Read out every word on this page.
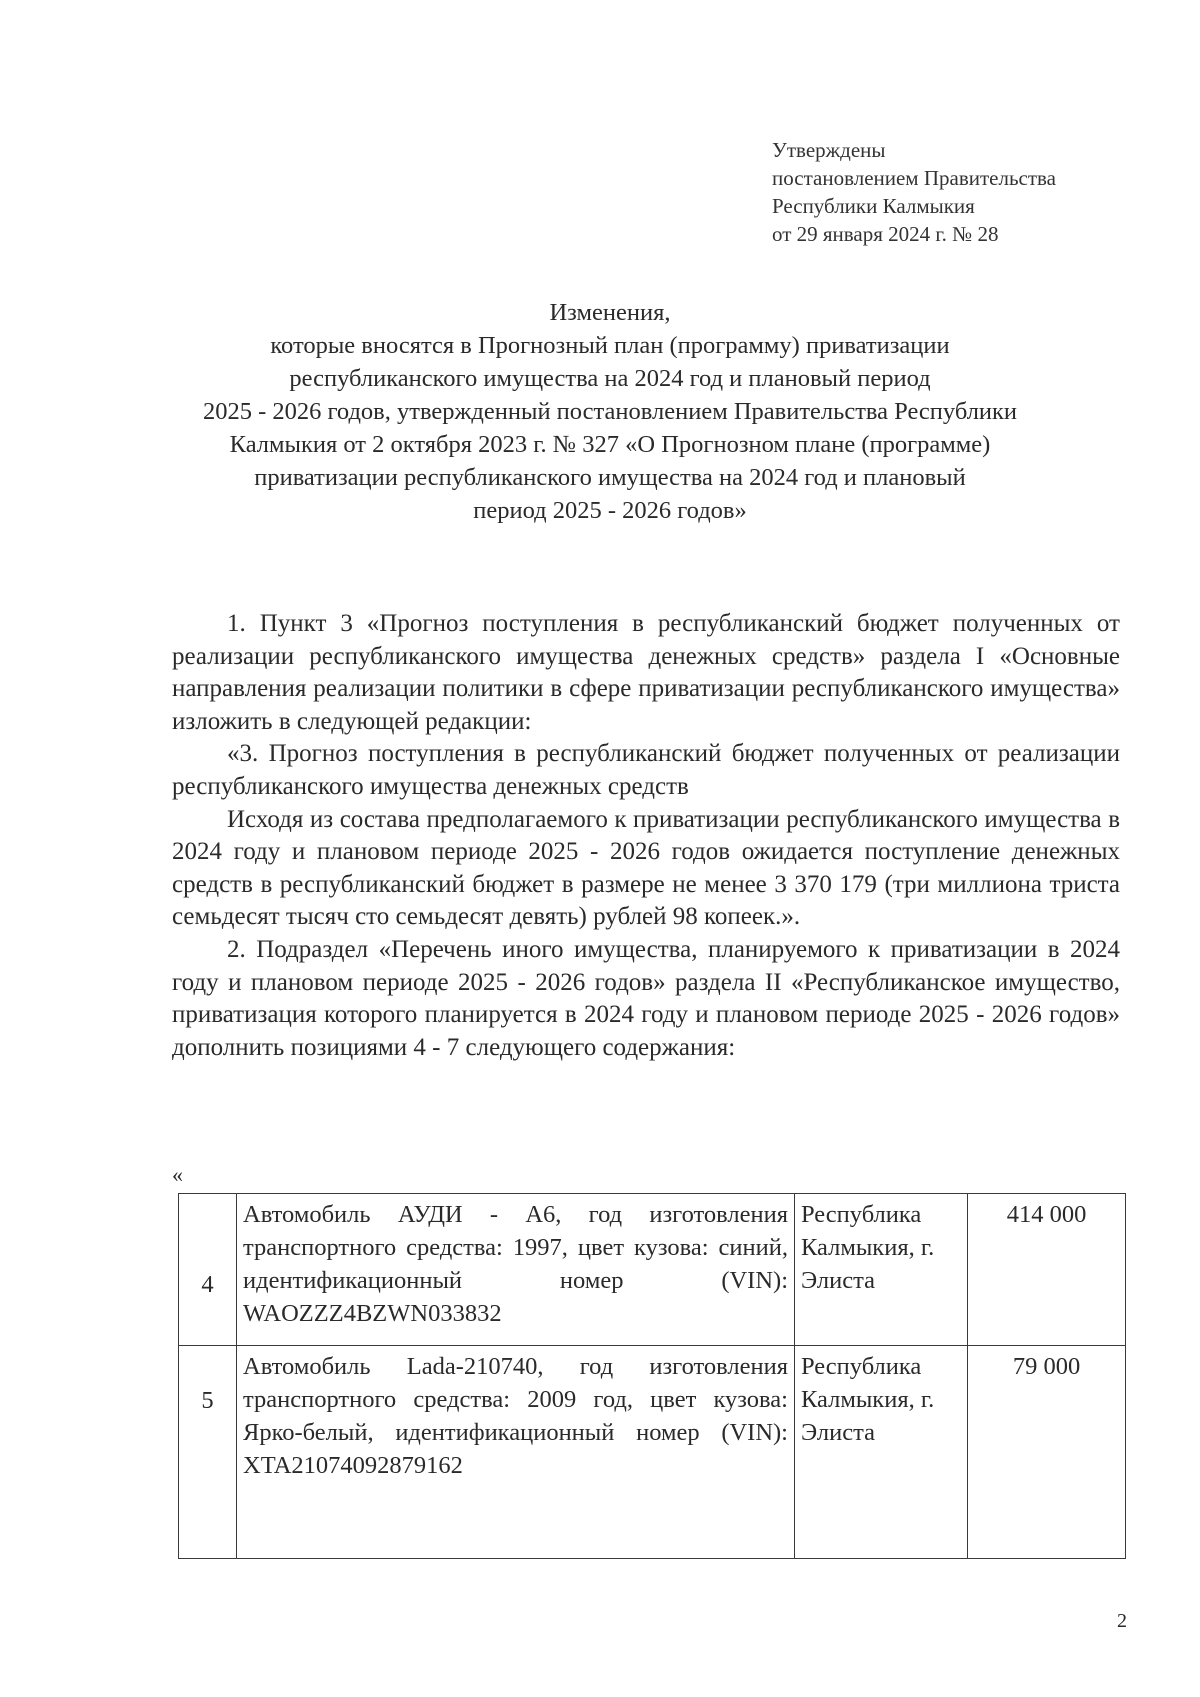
Утверждены
постановлением Правительства
Республики Калмыкия
от 29 января 2024 г. № 28
Изменения,
которые вносятся в Прогнозный план (программу) приватизации
республиканского имущества на 2024 год и плановый период
2025 - 2026 годов, утвержденный постановлением Правительства Республики
Калмыкия от 2 октября 2023 г. № 327 «О Прогнозном плане (программе)
приватизации республиканского имущества на 2024 год и плановый
период 2025 - 2026 годов»

1. Пункт 3 «Прогноз поступления в республиканский бюджет полученных от реализации республиканского имущества денежных средств» раздела I «Основные направления реализации политики в сфере приватизации республиканского имущества» изложить в следующей редакции:

«3. Прогноз поступления в республиканский бюджет полученных от реализации республиканского имущества денежных средств

Исходя из состава предполагаемого к приватизации республиканского имущества в 2024 году и плановом периоде 2025 - 2026 годов ожидается поступление денежных средств в республиканский бюджет в размере не менее 3 370 179 (три миллиона триста семьдесят тысяч сто семьдесят девять) рублей 98 копеек.».

2. Подраздел «Перечень иного имущества, планируемого к приватизации в 2024 году и плановом периоде 2025 - 2026 годов» раздела II «Республиканское имущество, приватизация которого планируется в 2024 году и плановом периоде 2025 - 2026 годов» дополнить позициями 4 - 7 следующего содержания:

«
4	Автомобиль АУДИ - А6, год изготовления транспортного средства: 1997, цвет кузова: синий, идентификационный номер (VIN): WAOZZZ4BZWN033832	Республика Калмыкия, г. Элиста	414 000
5	Автомобиль Lada-210740, год изготовления транспортного средства: 2009 год, цвет кузова: Ярко-белый, идентификационный номер (VIN): XTA21074092879162	Республика Калмыкия, г. Элиста	79 000
2
